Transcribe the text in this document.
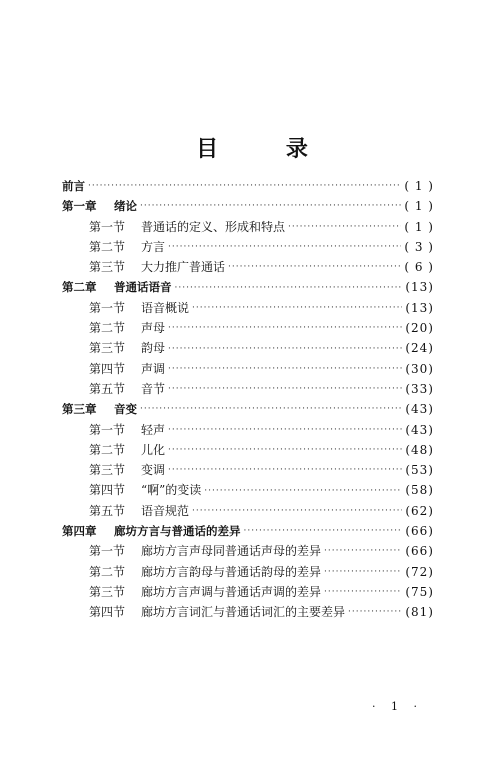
目 录
前言 ·····	( 1 )
第一章 绪论 ·····	( 1 )
第一节 普通话的定义、形成和特点 ·····	( 1 )
第二节 方言 ·····	( 3 )
第三节 大力推广普通话 ·····	( 6 )
第二章 普通话语音 ·····	(13)
第一节 语音概说 ·····	(13)
第二节 声母 ·····	(20)
第三节 韵母 ·····	(24)
第四节 声调 ·····	(30)
第五节 音节 ·····	(33)
第三章 音变 ·····	(43)
第一节 轻声 ·····	(43)
第二节 儿化 ·····	(48)
第三节 变调 ·····	(53)
第四节 “啊”的变读 ·····	(58)
第五节 语音规范 ·····	(62)
第四章 廊坊方言与普通话的差异 ·····	(66)
第一节 廊坊方言声母同普通话声母的差异 ·····	(66)
第二节 廊坊方言韵母与普通话韵母的差异 ·····	(72)
第三节 廊坊方言声调与普通话声调的差异 ·····	(75)
第四节 廊坊方言词汇与普通话词汇的主要差异 ·····	(81)
· 1 ·
